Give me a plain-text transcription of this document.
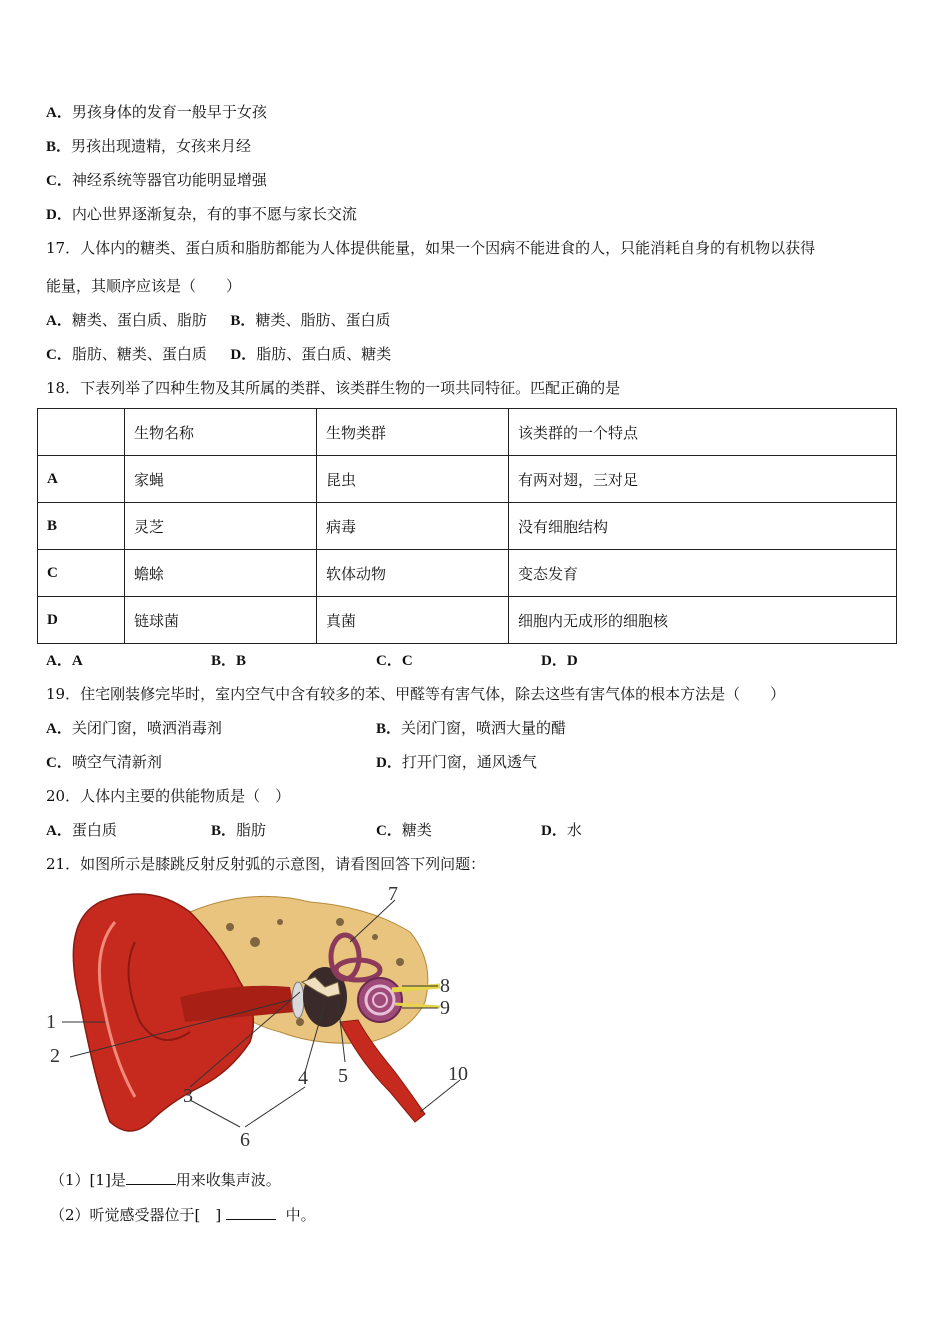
A．男孩身体的发育一般早于女孩
B．男孩出现遗精，女孩来月经
C．神经系统等器官功能明显增强
D．内心世界逐渐复杂，有的事不愿与家长交流
17．人体内的糖类、蛋白质和脂肪都能为人体提供能量，如果一个因病不能进食的人，只能消耗自身的有机物以获得
能量，其顺序应该是（　　）
A．糖类、蛋白质、脂肪 B．糖类、脂肪、蛋白质
C．脂肪、糖类、蛋白质 D．脂肪、蛋白质、糖类
18．下表列举了四种生物及其所属的类群、该类群生物的一项共同特征。匹配正确的是
	生物名称	生物类群	该类群的一个特点
A	家蝇	昆虫	有两对翅，三对足
B	灵芝	病毒	没有细胞结构
C	蟾蜍	软体动物	变态发育
D	链球菌	真菌	细胞内无成形的细胞核
A．A	B．B	C．C	D．D
19．住宅刚装修完毕时，室内空气中含有较多的苯、甲醛等有害气体，除去这些有害气体的根本方法是（　　）
A．关闭门窗，喷洒消毒剂	B．关闭门窗，喷洒大量的醋
C．喷空气清新剂	D．打开门窗，通风透气
20．人体内主要的供能物质是（　）
A．蛋白质	B．脂肪	C．糖类	D．水
21．如图所示是膝跳反射反射弧的示意图，请看图回答下列问题：
1
2
3
4 5
6
7
8
9
10
（1）[1]是	用来收集声波。
（2）听觉感受器位于[　]	中。
